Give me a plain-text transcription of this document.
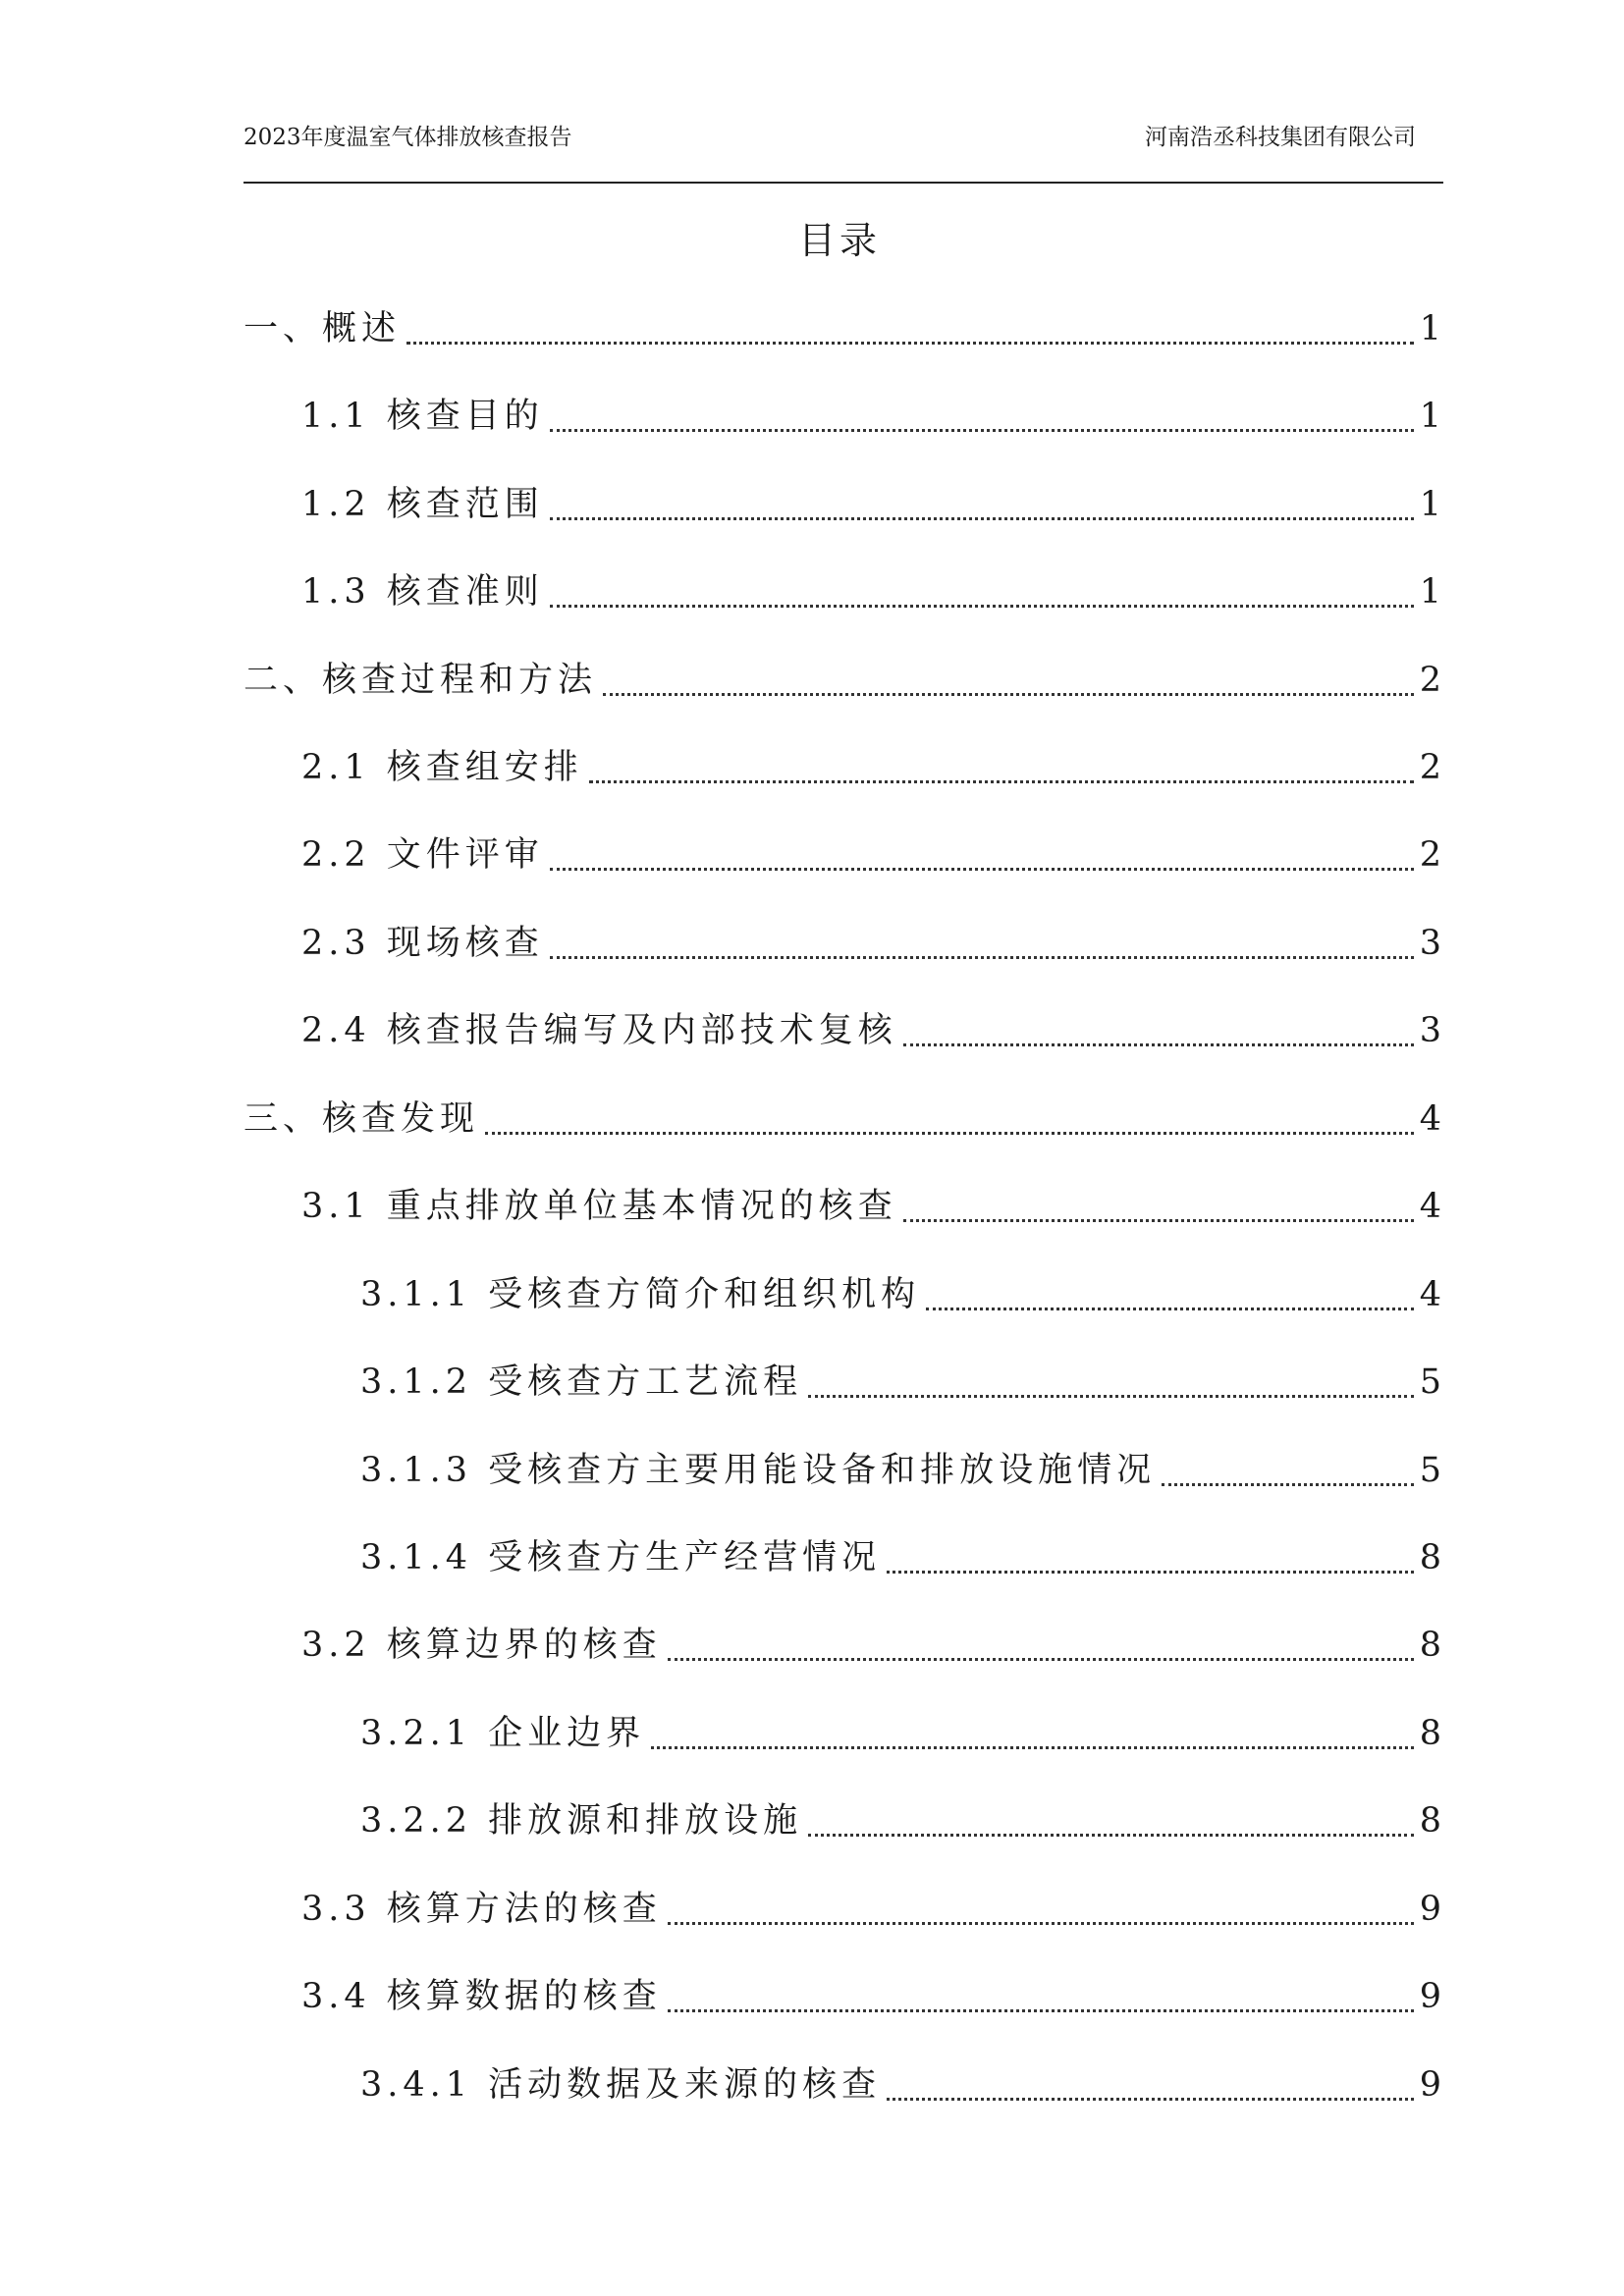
2023年度温室气体排放核查报告	河南浩丞科技集团有限公司
目录
一、概述	1
1.1 核查目的	1
1.2 核查范围	1
1.3 核查准则	1
二、核查过程和方法	2
2.1 核查组安排	2
2.2 文件评审	2
2.3 现场核查	3
2.4 核查报告编写及内部技术复核	3
三、核查发现	4
3.1 重点排放单位基本情况的核查	4
3.1.1 受核查方简介和组织机构	4
3.1.2 受核查方工艺流程	5
3.1.3 受核查方主要用能设备和排放设施情况	5
3.1.4 受核查方生产经营情况	8
3.2 核算边界的核查	8
3.2.1 企业边界	8
3.2.2 排放源和排放设施	8
3.3 核算方法的核查	9
3.4 核算数据的核查	9
3.4.1 活动数据及来源的核查	9
